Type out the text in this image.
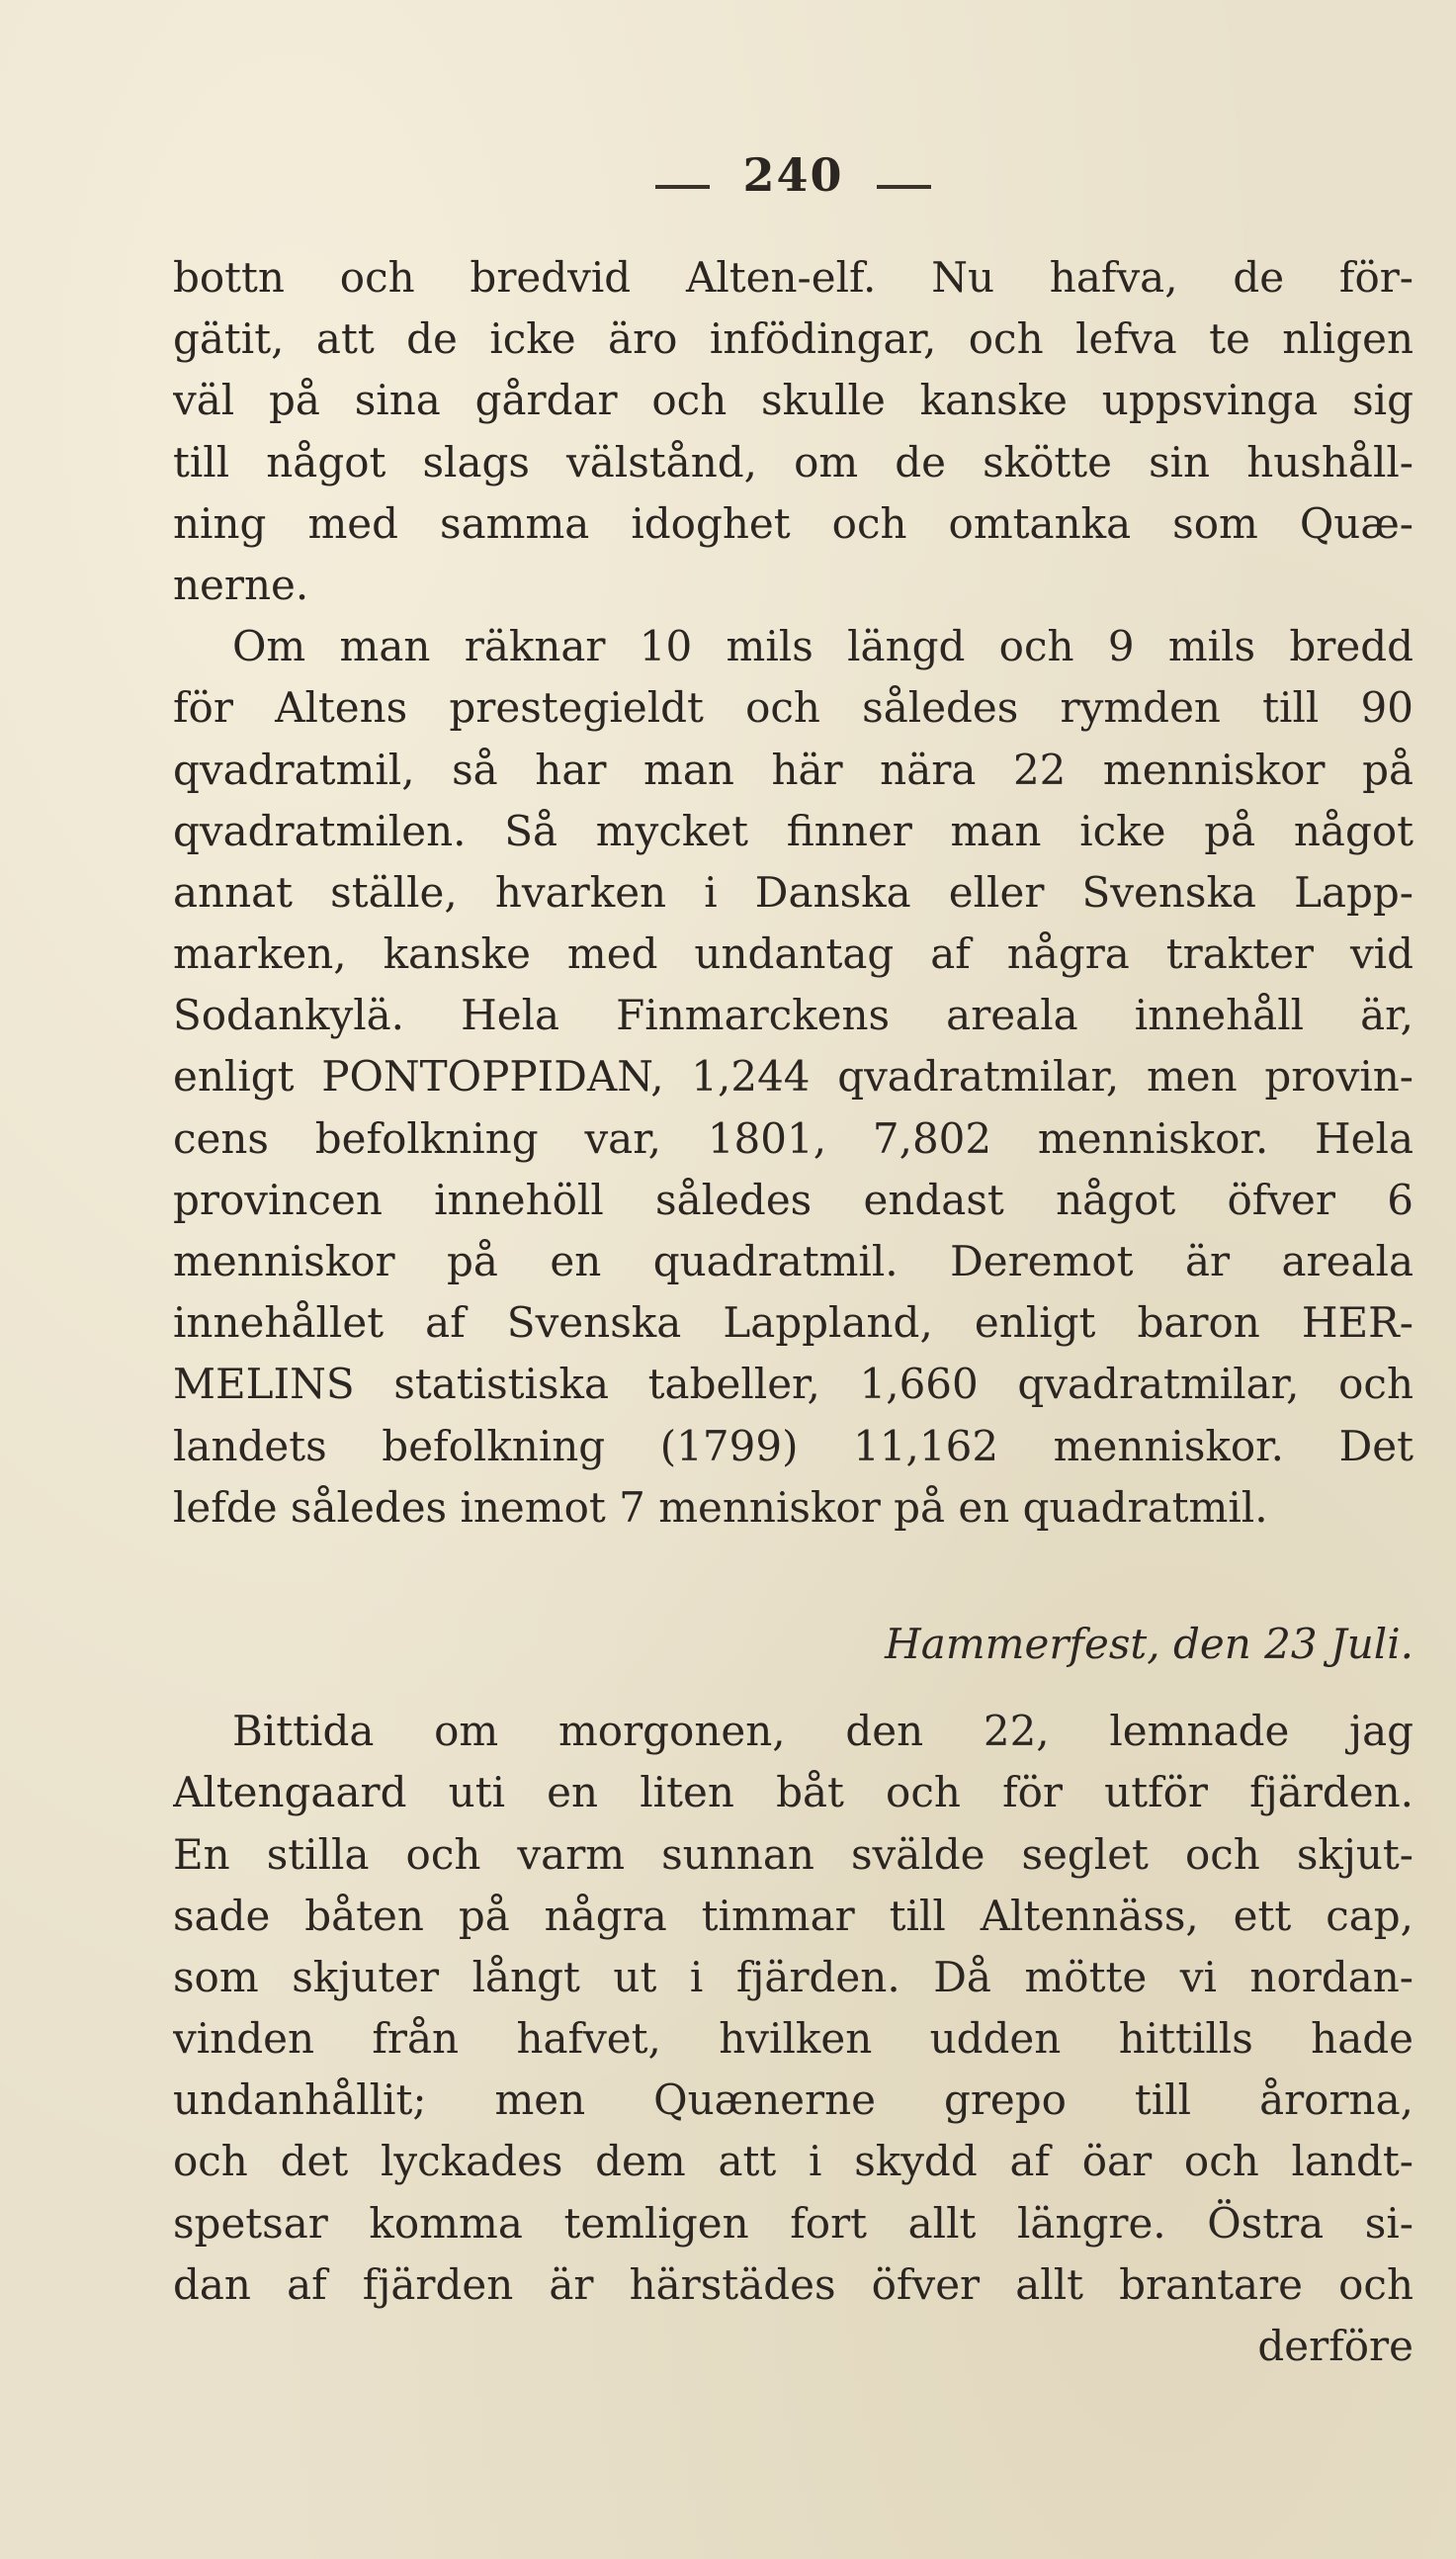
240
bottn och bredvid Alten-elf. Nu hafva, de för-
gätit, att de icke äro infödingar, och lefva te nligen
väl på sina gårdar och skulle kanske uppsvinga sig
till något slags välstånd, om de skötte sin hushåll-
ning med samma idoghet och omtanka som Quæ-
nerne.
Om man räknar 10 mils längd och 9 mils bredd
för Altens prestegieldt och således rymden till 90
qvadratmil, så har man här nära 22 menniskor på
qvadratmilen. Så mycket finner man icke på något
annat ställe, hvarken i Danska eller Svenska Lapp-
marken, kanske med undantag af några trakter vid
Sodankylä. Hela Finmarckens areala innehåll är,
enligt PONTOPPIDAN, 1,244 qvadratmilar, men provin-
cens befolkning var, 1801, 7,802 menniskor. Hela
provincen innehöll således endast något öfver 6
menniskor på en quadratmil. Deremot är areala
innehållet af Svenska Lappland, enligt baron HER-
MELINS statistiska tabeller, 1,660 qvadratmilar, och
landets befolkning (1799) 11,162 menniskor. Det
lefde således inemot 7 menniskor på en quadratmil.
Hammerfest, den 23 Juli.
Bittida om morgonen, den 22, lemnade jag
Altengaard uti en liten båt och för utför fjärden.
En stilla och varm sunnan svälde seglet och skjut-
sade båten på några timmar till Altennäss, ett cap,
som skjuter långt ut i fjärden. Då mötte vi nordan-
vinden från hafvet, hvilken udden hittills hade
undanhållit; men Quænerne grepo till årorna,
och det lyckades dem att i skydd af öar och landt-
spetsar komma temligen fort allt längre. Östra si-
dan af fjärden är härstädes öfver allt brantare och
derföre
